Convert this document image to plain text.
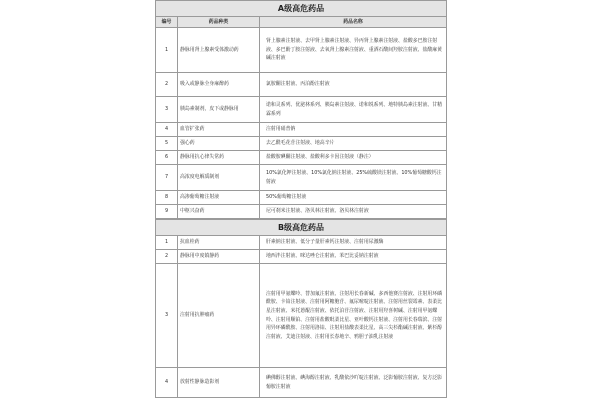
A级高危药品
编号	药品种类	药品名称
1	静脉用肾上腺素受体激动药	肾上腺素注射液、去甲肾上腺素注射液、异丙肾上腺素注射液、盐酸多巴胺注射液、多巴酚丁胺注射液、去氧肾上腺素注射液、重酒石酸间羟胺注射液、盐酸麻黄碱注射液
2	吸入或静脉全身麻醉药	氯胺酮注射液、丙泊酚注射液
3	胰岛素制剂，皮下或静脉用	诺和灵系列、优泌林系列、胰岛素注射液、诺和锐系列、地特胰岛素注射液、甘精霖系列
4	血管扩张药	注射用硝普钠
5	强心药	去乙酰毛花苷注射液、地高辛片
6	静脉用抗心律失常药	盐酸胺碘酮注射液、盐酸利多卡因注射液（静注）
7	高浓度电解质制剂	10%氯化钾注射液、10%氯化钠注射液、25%硫酸镁注射液、10%葡萄糖酸钙注射液
8	高渗葡萄糖注射液	50%葡萄糖注射液
9	中枢兴奋药	尼可刹米注射液、洛贝林注射液、洛贝林注射液
B级高危药品
1	抗血栓药	肝素钠注射液、低分子量肝素钙注射液、注射用尿激酶
2	静脉用中度镇静药	地西泮注射液、咪达唑仑注射液、苯巴比妥钠注射液
3	注射用抗肿瘤药	注射用甲氨蝶呤、替加氟注射液、注射用长春新碱、多西他赛注射液、注射用环磷酰胺、卡铂注射液、注射用阿糖胞苷、氟尿嘧啶注射液、注射用丝裂霉素、表柔比星注射液、米托蒽醌注射液、依托泊苷注射液、注射用羟喜树碱、注射用甲氨蝶呤、注射用顺铂、注射用盐酸吡柔比星、亚叶酸钙注射液、注射用长春瑞滨、注射用异环磷酰胺、注射用洛铂、注射用盐酸表柔比星、高三尖杉酯碱注射液、紫杉醇注射液、艾迪注射液、注射用长春地辛、鸦胆子油乳注射液
4	放射性静脉造影剂	碘佛醇注射液、碘海醇注射液、乳酸依沙吖啶注射液、泛影葡胺注射液、复方泛影葡胺注射液
